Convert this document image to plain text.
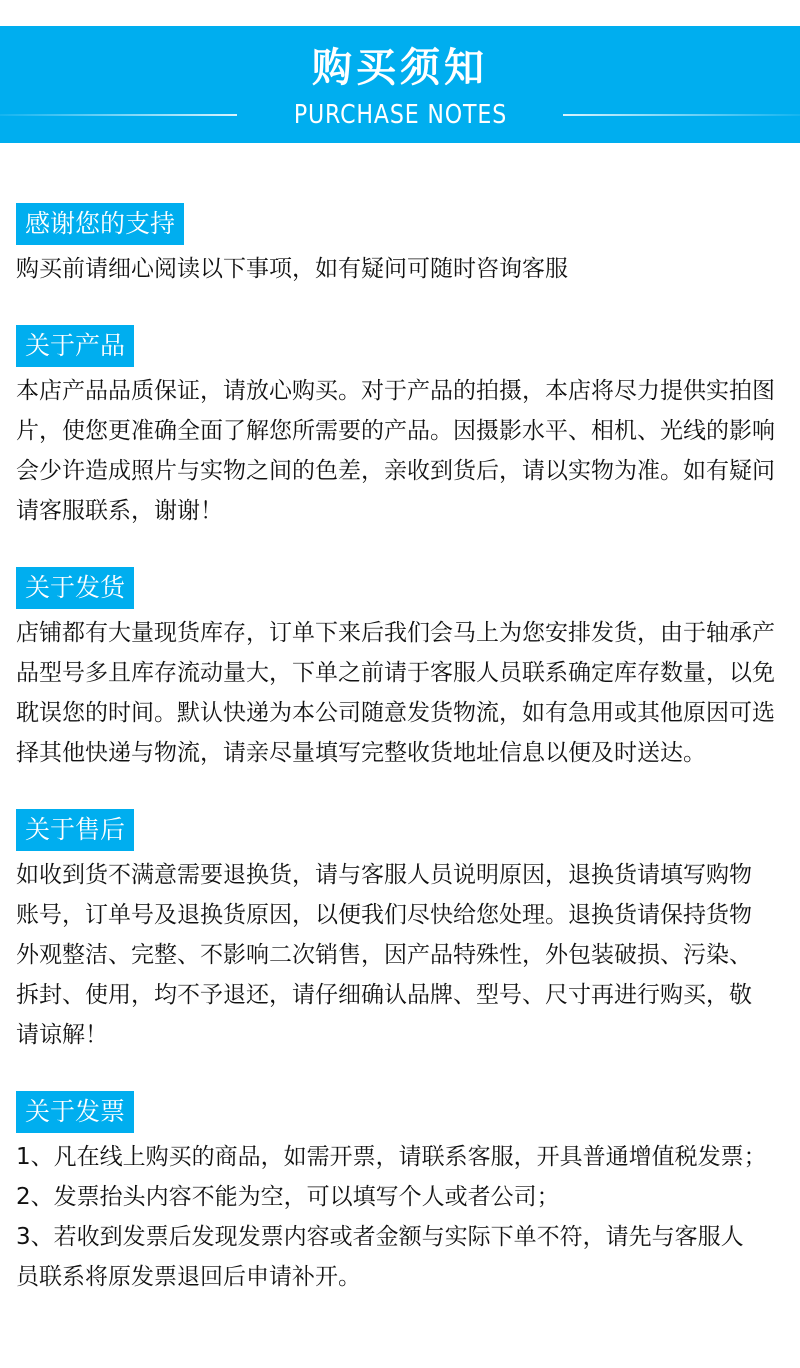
购买须知
PURCHASE NOTES
感谢您的支持
购买前请细心阅读以下事项，如有疑问可随时咨询客服
关于产品
本店产品品质保证，请放心购买。对于产品的拍摄，本店将尽力提供实拍图
片，使您更准确全面了解您所需要的产品。因摄影水平、相机、光线的影响
会少许造成照片与实物之间的色差，亲收到货后，请以实物为准。如有疑问
请客服联系，谢谢！
关于发货
店铺都有大量现货库存，订单下来后我们会马上为您安排发货，由于轴承产
品型号多且库存流动量大，下单之前请于客服人员联系确定库存数量，以免
耽误您的时间。默认快递为本公司随意发货物流，如有急用或其他原因可选
择其他快递与物流，请亲尽量填写完整收货地址信息以便及时送达。
关于售后
如收到货不满意需要退换货，请与客服人员说明原因，退换货请填写购物
账号，订单号及退换货原因，以便我们尽快给您处理。退换货请保持货物
外观整洁、完整、不影响二次销售，因产品特殊性，外包装破损、污染、
拆封、使用，均不予退还，请仔细确认品牌、型号、尺寸再进行购买，敬
请谅解！
关于发票
1、凡在线上购买的商品，如需开票，请联系客服，开具普通增值税发票；
2、发票抬头内容不能为空，可以填写个人或者公司；
3、若收到发票后发现发票内容或者金额与实际下单不符，请先与客服人
员联系将原发票退回后申请补开。
